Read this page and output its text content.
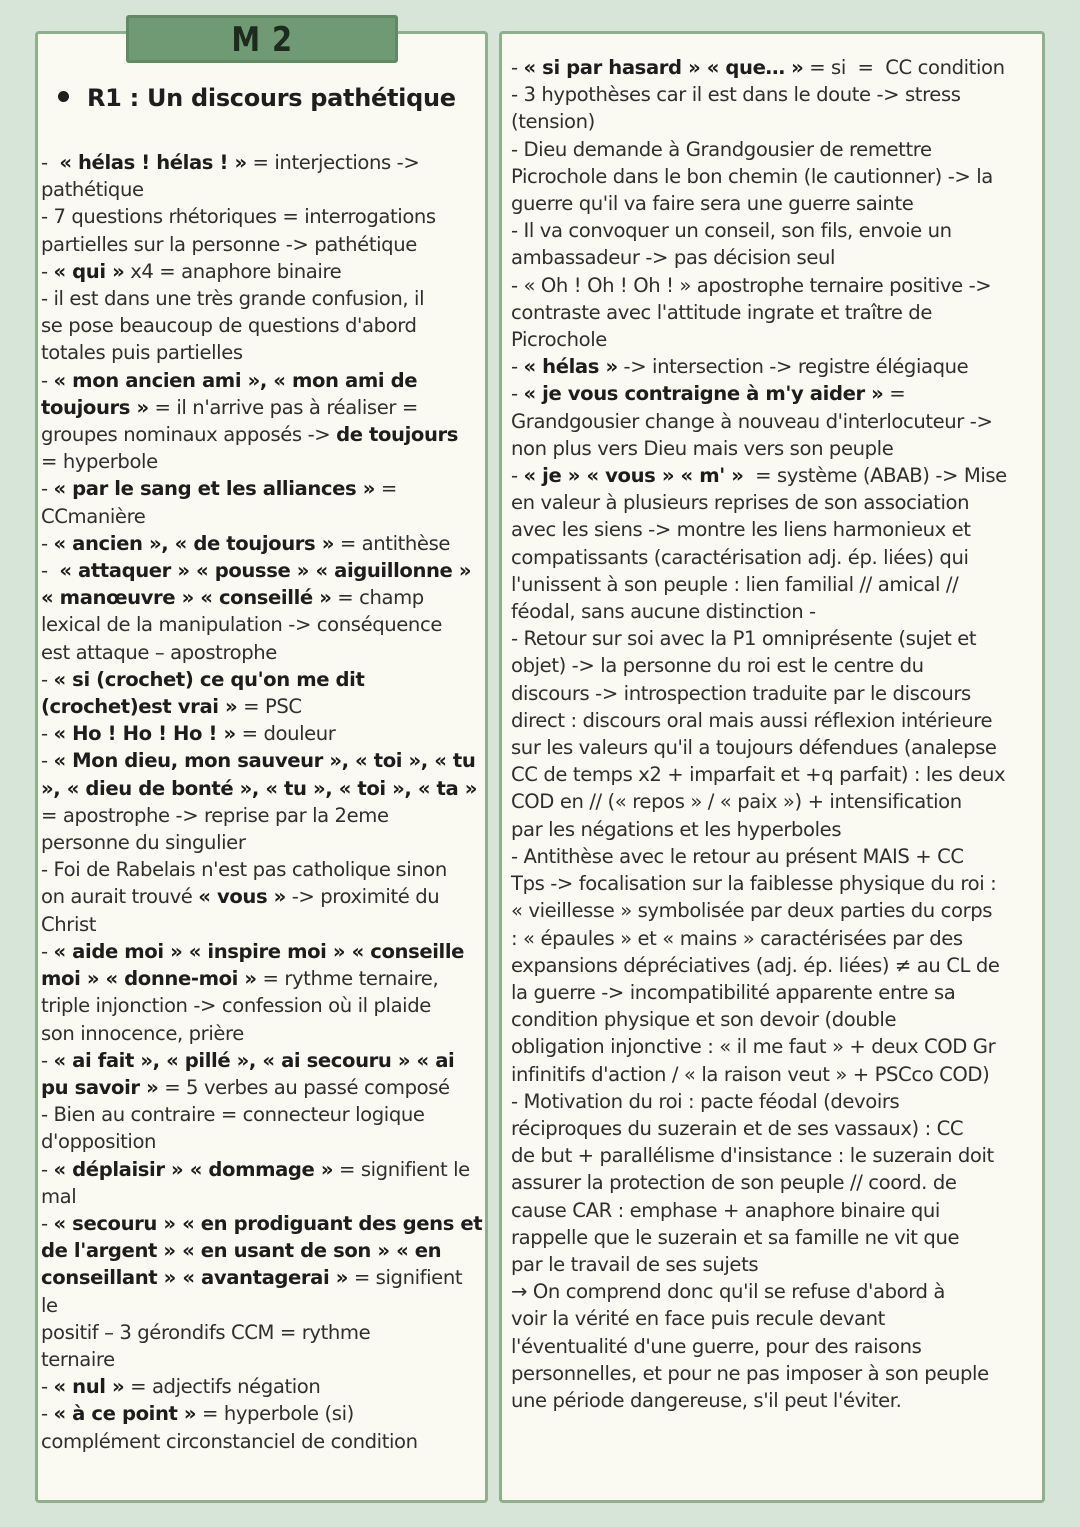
M 2
R1 : Un discours pathétique

-  « hélas ! hélas ! » = interjections ->

pathétique

- 7 questions rhétoriques = interrogations

partielles sur la personne -> pathétique

- « qui » x4 = anaphore binaire

- il est dans une très grande confusion, il

se pose beaucoup de questions d'abord

totales puis partielles

- « mon ancien ami », « mon ami de

toujours » = il n'arrive pas à réaliser =

groupes nominaux apposés -> de toujours

= hyperbole

- « par le sang et les alliances » =

CCmanière

- « ancien », « de toujours » = antithèse

-  « attaquer » « pousse » « aiguillonne »

« manœuvre » « conseillé » = champ

lexical de la manipulation -> conséquence

est attaque – apostrophe

- « si (crochet) ce qu'on me dit

(crochet)est vrai » = PSC

- « Ho ! Ho ! Ho ! » = douleur

- « Mon dieu, mon sauveur », « toi », « tu

», « dieu de bonté », « tu », « toi », « ta »

= apostrophe -> reprise par la 2eme

personne du singulier

- Foi de Rabelais n'est pas catholique sinon

on aurait trouvé « vous » -> proximité du

Christ

- « aide moi » « inspire moi » « conseille

moi » « donne-moi » = rythme ternaire,

triple injonction -> confession où il plaide

son innocence, prière

- « ai fait », « pillé », « ai secouru » « ai

pu savoir » = 5 verbes au passé composé

- Bien au contraire = connecteur logique

d'opposition

- « déplaisir » « dommage » = signifient le

mal

- « secouru » « en prodiguant des gens et

de l'argent » « en usant de son » « en

conseillant » « avantagerai » = signifient le

positif – 3 gérondifs CCM = rythme

ternaire

- « nul » = adjectifs négation

- « à ce point » = hyperbole (si)

complément circonstanciel de condition

- « si par hasard » « que… » = si  =  CC condition

- 3 hypothèses car il est dans le doute -> stress

(tension)

- Dieu demande à Grandgousier de remettre

Picrochole dans le bon chemin (le cautionner) -> la

guerre qu'il va faire sera une guerre sainte

- Il va convoquer un conseil, son fils, envoie un

ambassadeur -> pas décision seul

- « Oh ! Oh ! Oh ! » apostrophe ternaire positive ->

contraste avec l'attitude ingrate et traître de

Picrochole

- « hélas » -> intersection -> registre élégiaque

- « je vous contraigne à m'y aider » =

Grandgousier change à nouveau d'interlocuteur ->

non plus vers Dieu mais vers son peuple

- « je » « vous » « m' »  = système (ABAB) -> Mise

en valeur à plusieurs reprises de son association

avec les siens -> montre les liens harmonieux et

compatissants (caractérisation adj. ép. liées) qui

l'unissent à son peuple : lien familial // amical //

féodal, sans aucune distinction -

- Retour sur soi avec la P1 omniprésente (sujet et

objet) -> la personne du roi est le centre du

discours -> introspection traduite par le discours

direct : discours oral mais aussi réflexion intérieure

sur les valeurs qu'il a toujours défendues (analepse

CC de temps x2 + imparfait et +q parfait) : les deux

COD en // (« repos » / « paix ») + intensification

par les négations et les hyperboles

- Antithèse avec le retour au présent MAIS + CC

Tps -> focalisation sur la faiblesse physique du roi :

« vieillesse » symbolisée par deux parties du corps

: « épaules » et « mains » caractérisées par des

expansions dépréciatives (adj. ép. liées) ≠ au CL de

la guerre -> incompatibilité apparente entre sa

condition physique et son devoir (double

obligation injonctive : « il me faut » + deux COD Gr

infinitifs d'action / « la raison veut » + PSCco COD)

- Motivation du roi : pacte féodal (devoirs

réciproques du suzerain et de ses vassaux) : CC

de but + parallélisme d'insistance : le suzerain doit

assurer la protection de son peuple // coord. de

cause CAR : emphase + anaphore binaire qui

rappelle que le suzerain et sa famille ne vit que

par le travail de ses sujets

→ On comprend donc qu'il se refuse d'abord à

voir la vérité en face puis recule devant

l'éventualité d'une guerre, pour des raisons

personnelles, et pour ne pas imposer à son peuple

une période dangereuse, s'il peut l'éviter.
